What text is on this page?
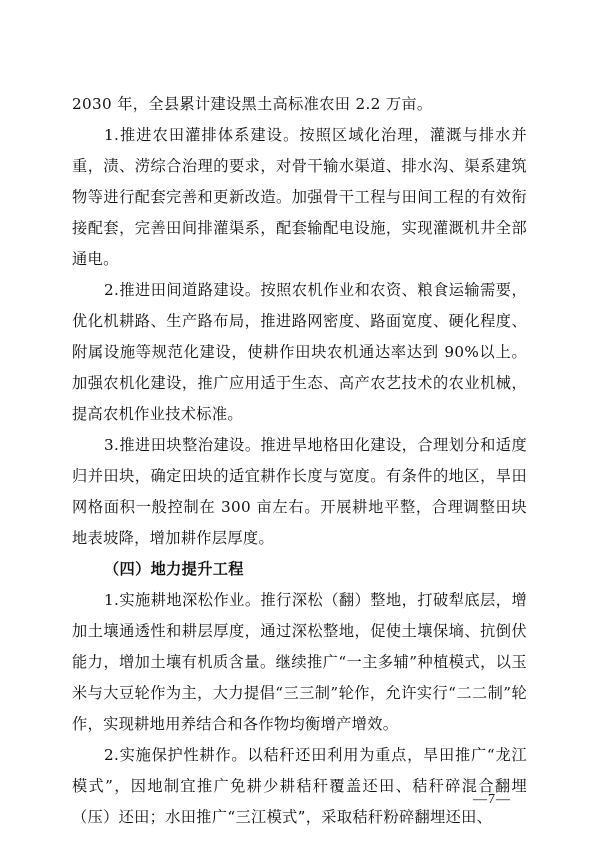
2030 年，全县累计建设黑土高标准农田 2.2 万亩。

1.推进农田灌排体系建设。按照区域化治理，灌溉与排水并重，渍、涝综合治理的要求，对骨干输水渠道、排水沟、渠系建筑物等进行配套完善和更新改造。加强骨干工程与田间工程的有效衔接配套，完善田间排灌渠系，配套输配电设施，实现灌溉机井全部通电。

2.推进田间道路建设。按照农机作业和农资、粮食运输需要，优化机耕路、生产路布局，推进路网密度、路面宽度、硬化程度、附属设施等规范化建设，使耕作田块农机通达率达到 90%以上。加强农机化建设，推广应用适于生态、高产农艺技术的农业机械，提高农机作业技术标准。

3.推进田块整治建设。推进旱地格田化建设，合理划分和适度归并田块，确定田块的适宜耕作长度与宽度。有条件的地区，旱田网格面积一般控制在 300 亩左右。开展耕地平整，合理调整田块地表坡降，增加耕作层厚度。

（四）地力提升工程

1.实施耕地深松作业。推行深松（翻）整地，打破犁底层，增加土壤通透性和耕层厚度，通过深松整地，促使土壤保墒、抗倒伏能力，增加土壤有机质含量。继续推广“一主多辅”种植模式，以玉米与大豆轮作为主，大力提倡“三三制”轮作，允许实行“二二制”轮作，实现耕地用养结合和各作物均衡增产增效。

2.实施保护性耕作。以秸秆还田利用为重点，旱田推广“龙江模式”，因地制宜推广免耕少耕秸秆覆盖还田、秸秆碎混合翻埋（压）还田；水田推广“三江模式”，采取秸秆粉碎翻埋还田、

—7—
